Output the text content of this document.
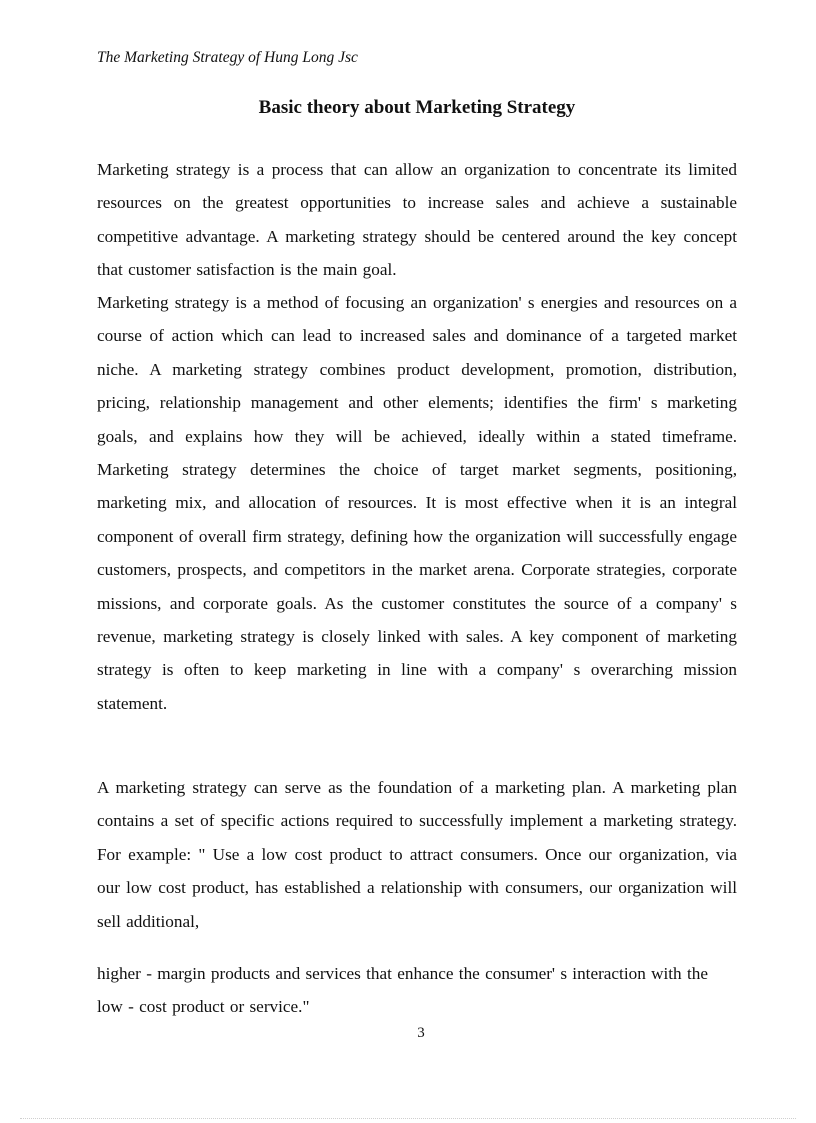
The Marketing Strategy of Hung Long Jsc
Basic theory about Marketing Strategy

Marketing strategy is a process that can allow an organization to concentrate its limited resources on the greatest opportunities to increase sales and achieve a sustainable competitive advantage. A marketing strategy should be centered around the key concept that customer satisfaction is the main goal.

Marketing strategy is a method of focusing an organization' s energies and resources on a course of action which can lead to increased sales and dominance of a targeted market niche. A marketing strategy combines product development, promotion, distribution, pricing, relationship management and other elements; identifies the firm' s marketing goals, and explains how they will be achieved, ideally within a stated timeframe. Marketing strategy determines the choice of target market segments, positioning, marketing mix, and allocation of resources. It is most effective when it is an integral component of overall firm strategy, defining how the organization will successfully engage customers, prospects, and competitors in the market arena. Corporate strategies, corporate missions, and corporate goals. As the customer constitutes the source of a company' s revenue, marketing strategy is closely linked with sales. A key component of marketing strategy is often to keep marketing in line with a company' s overarching mission statement.

A marketing strategy can serve as the foundation of a marketing plan. A marketing plan contains a set of specific actions required to successfully implement a marketing strategy. For example: " Use a low cost product to attract consumers. Once our organization, via our low cost product, has established a relationship with consumers, our organization will sell additional,

higher - margin products and services that enhance the consumer' s interaction with the low - cost product or service."

3
